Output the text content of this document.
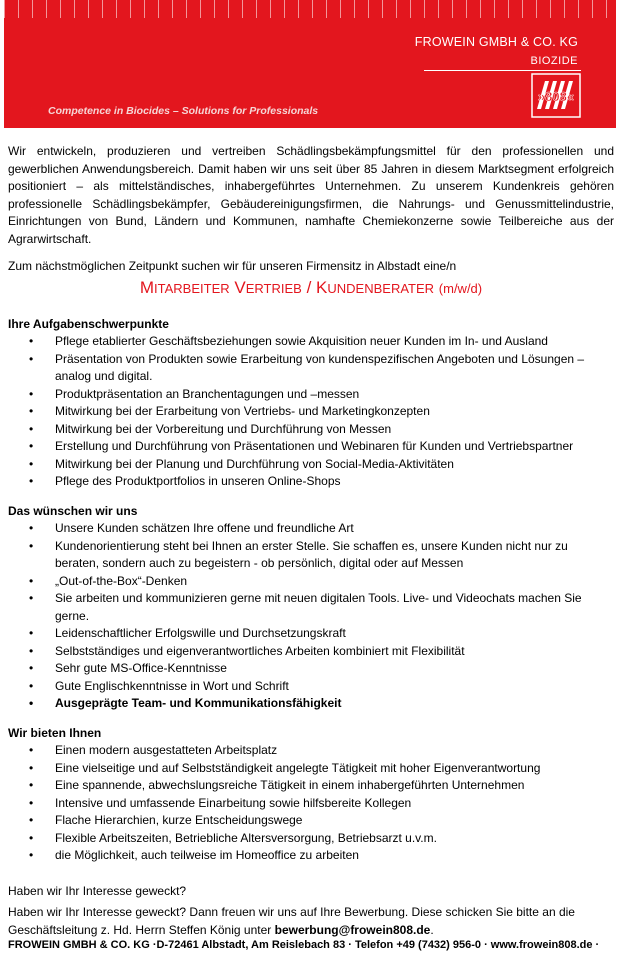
FROWEIN GMBH & CO. KG
BIOZIDE
»808«
Competence in Biocides – Solutions for Professionals

Wir entwickeln, produzieren und vertreiben Schädlingsbekämpfungsmittel für den professionellen und gewerblichen Anwendungsbereich. Damit haben wir uns seit über 85 Jahren in diesem Marktsegment erfolgreich positioniert – als mittelständisches, inhabergeführtes Unternehmen. Zu unserem Kundenkreis gehören professionelle Schädlingsbekämpfer, Gebäudereinigungsfirmen, die Nahrungs- und Genussmittelindustrie, Einrichtungen von Bund, Ländern und Kommunen, namhafte Chemiekonzerne sowie Teilbereiche aus der Agrarwirtschaft.

Zum nächstmöglichen Zeitpunkt suchen wir für unseren Firmensitz in Albstadt eine/n

MITARBEITER VERTRIEB / KUNDENBERATER (m/w/d)
Ihre Aufgabenschwerpunkte
• Pflege etablierter Geschäftsbeziehungen sowie Akquisition neuer Kunden im In- und Ausland
• Präsentation von Produkten sowie Erarbeitung von kundenspezifischen Angeboten und Lösungen – analog und digital.
• Produktpräsentation an Branchentagungen und –messen
• Mitwirkung bei der Erarbeitung von Vertriebs- und Marketingkonzepten
• Mitwirkung bei der Vorbereitung und Durchführung von Messen
• Erstellung und Durchführung von Präsentationen und Webinaren für Kunden und Vertriebspartner
• Mitwirkung bei der Planung und Durchführung von Social-Media-Aktivitäten
• Pflege des Produktportfolios in unseren Online-Shops
Das wünschen wir uns
• Unsere Kunden schätzen Ihre offene und freundliche Art
• Kundenorientierung steht bei Ihnen an erster Stelle. Sie schaffen es, unsere Kunden nicht nur zu beraten, sondern auch zu begeistern - ob persönlich, digital oder auf Messen
• „Out-of-the-Box“-Denken
• Sie arbeiten und kommunizieren gerne mit neuen digitalen Tools. Live- und Videochats machen Sie gerne.
• Leidenschaftlicher Erfolgswille und Durchsetzungskraft
• Selbstständiges und eigenverantwortliches Arbeiten kombiniert mit Flexibilität
• Sehr gute MS-Office-Kenntnisse
• Gute Englischkenntnisse in Wort und Schrift
• Ausgeprägte Team- und Kommunikationsfähigkeit
Wir bieten Ihnen
• Einen modern ausgestatteten Arbeitsplatz
• Eine vielseitige und auf Selbstständigkeit angelegte Tätigkeit mit hoher Eigenverantwortung
• Eine spannende, abwechslungsreiche Tätigkeit in einem inhabergeführten Unternehmen
• Intensive und umfassende Einarbeitung sowie hilfsbereite Kollegen
• Flache Hierarchien, kurze Entscheidungswege
• Flexible Arbeitszeiten, Betriebliche Altersversorgung, Betriebsarzt u.v.m.
• die Möglichkeit, auch teilweise im Homeoffice zu arbeiten

Haben wir Ihr Interesse geweckt?

Haben wir Ihr Interesse geweckt? Dann freuen wir uns auf Ihre Bewerbung. Diese schicken Sie bitte an die Geschäftsleitung z. Hd. Herrn Steffen König unter bewerbung@frowein808.de.

FROWEIN GMBH & CO. KG ·D-72461 Albstadt, Am Reislebach 83 · Telefon +49 (7432) 956-0 · www.frowein808.de ·
